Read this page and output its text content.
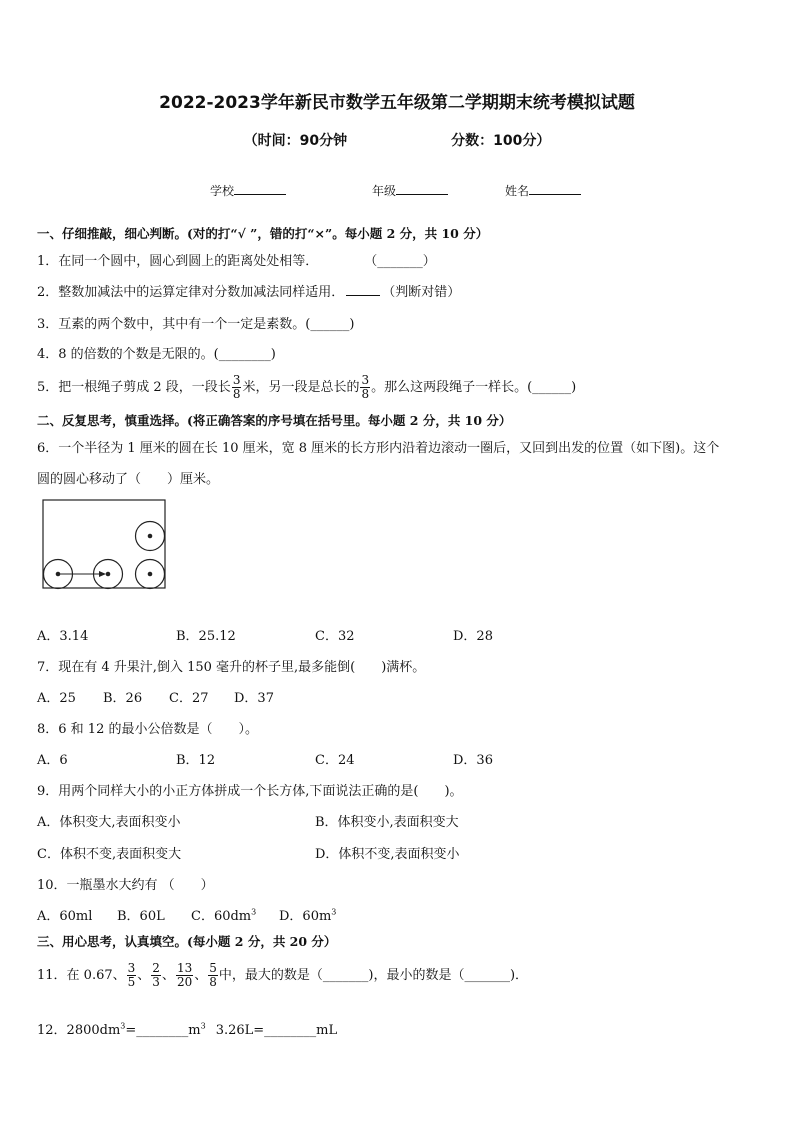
2022-2023学年新民市数学五年级第二学期期末统考模拟试题
（时间：90分钟	分数：100分）
学校	年级	姓名
一、仔细推敲，细心判断。(对的打“√ ”，错的打“×”。每小题 2 分，共 10 分）
1．在同一个圆中，圆心到圆上的距离处处相等．	（_______）
2．整数加减法中的运算定律对分数加减法同样适用．	（判断对错）
3．互素的两个数中，其中有一个一定是素数。(______)
4．8 的倍数的个数是无限的。(________)
5．把一根绳子剪成 2 段，一段长 $\frac{3}{8}$ 米，另一段是总长的 $\frac{3}{8}$ 。那么这两段绳子一样长。(______)
二、反复思考，慎重选择。(将正确答案的序号填在括号里。每小题 2 分，共 10 分）
6．一个半径为 1 厘米的圆在长 10 厘米，宽 8 厘米的长方形内沿着边滚动一圈后，又回到出发的位置（如下图)。这个
圆的圆心移动了（　　）厘米。
A．3.14	B．25.12	C．32	D．28
7．现在有 4 升果汁,倒入 150 毫升的杯子里,最多能倒(　　)满杯。
A．25 B．26 C．27 D．37
8．6 和 12 的最小公倍数是（　　）。
A．6	B．12	C．24	D．36
9．用两个同样大小的小正方体拼成一个长方体,下面说法正确的是(　　)。
A．体积变大,表面积变小	B．体积变小,表面积变大
C．体积不变,表面积变大	D．体积不变,表面积变小
10．一瓶墨水大约有 （　　）
A．60ml B．60L C．$60dm^3$ D．$60m^3$
三、用心思考，认真填空。(每小题 2 分，共 20 分）
11．在 0.67、 $\frac{3}{5}$ 、 $\frac{2}{3}$ 、 $\frac{13}{20}$ 、 $\frac{5}{8}$ 中，最大的数是（_______)，最小的数是（_______)．
12．$2800dm^3=\_\_\_\_\_\_\_\_m^3$ 3.26L=________mL
